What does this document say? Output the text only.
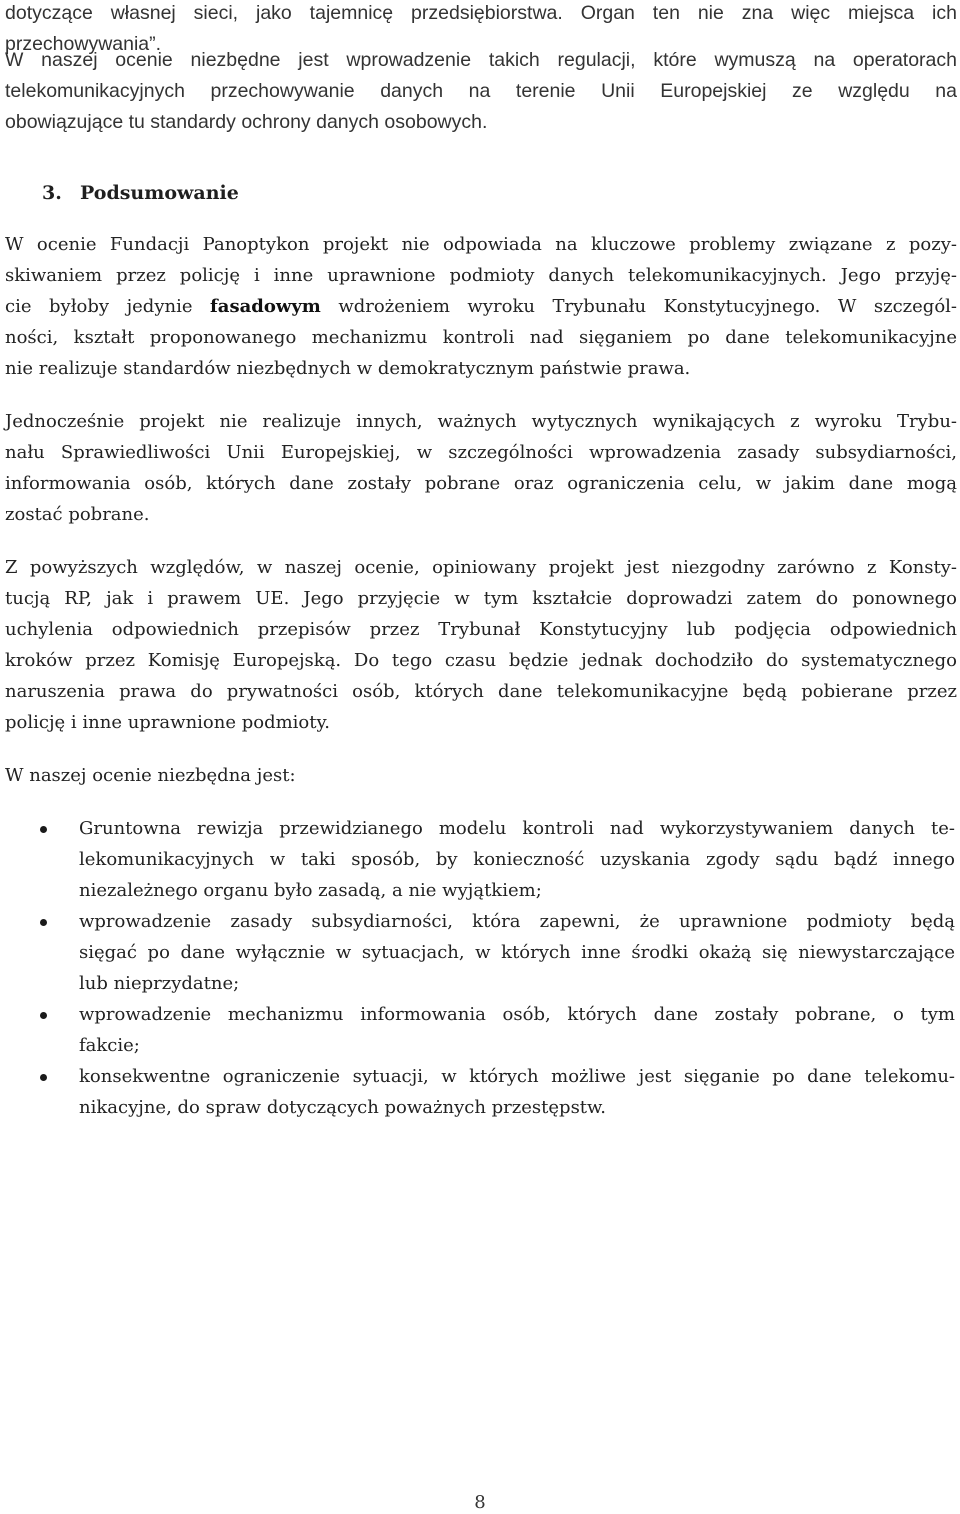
dotyczące własnej sieci, jako tajemnicę przedsiębiorstwa. Organ ten nie zna więc miejsca ich
przechowywania”.
W naszej ocenie niezbędne jest wprowadzenie takich regulacji, które wymuszą na operatorach
telekomunikacyjnych przechowywanie danych na terenie Unii Europejskiej ze względu na
obowiązujące tu standardy ochrony danych osobowych.
3. Podsumowanie
W ocenie Fundacji Panoptykon projekt nie odpowiada na kluczowe problemy związane z pozy-
skiwaniem przez policję i inne uprawnione podmioty danych telekomunikacyjnych. Jego przyję-
cie byłoby jedynie fasadowym wdrożeniem wyroku Trybunału Konstytucyjnego. W szczegól-
ności, kształt proponowanego mechanizmu kontroli nad sięganiem po dane telekomunikacyjne
nie realizuje standardów niezbędnych w demokratycznym państwie prawa.
Jednocześnie projekt nie realizuje innych, ważnych wytycznych wynikających z wyroku Trybu-
nału Sprawiedliwości Unii Europejskiej, w szczególności wprowadzenia zasady subsydiarności,
informowania osób, których dane zostały pobrane oraz ograniczenia celu, w jakim dane mogą
zostać pobrane.
Z powyższych względów, w naszej ocenie, opiniowany projekt jest niezgodny zarówno z Konsty-
tucją RP, jak i prawem UE. Jego przyjęcie w tym kształcie doprowadzi zatem do ponownego
uchylenia odpowiednich przepisów przez Trybunał Konstytucyjny lub podjęcia odpowiednich
kroków przez Komisję Europejską. Do tego czasu będzie jednak dochodziło do systematycznego
naruszenia prawa do prywatności osób, których dane telekomunikacyjne będą pobierane przez
policję i inne uprawnione podmioty.
W naszej ocenie niezbędna jest:
Gruntowna rewizja przewidzianego modelu kontroli nad wykorzystywaniem danych te-
lekomunikacyjnych w taki sposób, by konieczność uzyskania zgody sądu bądź innego
niezależnego organu było zasadą, a nie wyjątkiem;
wprowadzenie zasady subsydiarności, która zapewni, że uprawnione podmioty będą
sięgać po dane wyłącznie w sytuacjach, w których inne środki okażą się niewystarczające
lub nieprzydatne;
wprowadzenie mechanizmu informowania osób, których dane zostały pobrane, o tym
fakcie;
konsekwentne ograniczenie sytuacji, w których możliwe jest sięganie po dane telekomu-
nikacyjne, do spraw dotyczących poważnych przestępstw.
8
